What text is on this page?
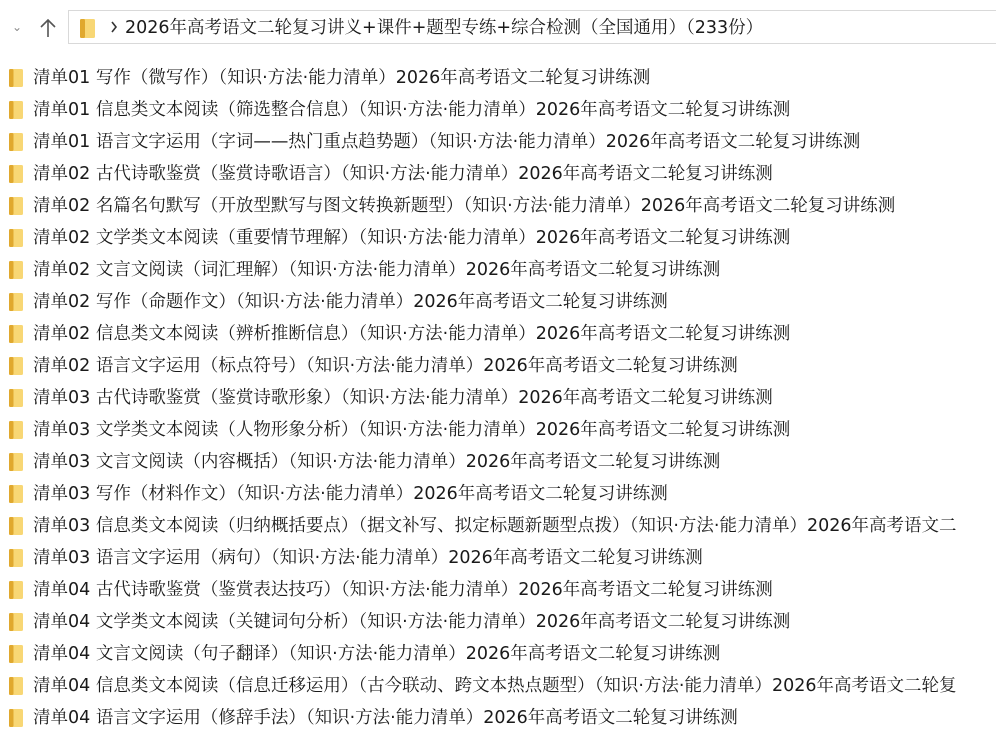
⌄	2026年高考语文二轮复习讲义+课件+题型专练+综合检测（全国通用）（233份）
清单01 写作（微写作）（知识·方法·能力清单）2026年高考语文二轮复习讲练测
清单01 信息类文本阅读（筛选整合信息）（知识·方法·能力清单）2026年高考语文二轮复习讲练测
清单01 语言文字运用（字词——热门重点趋势题）（知识·方法·能力清单）2026年高考语文二轮复习讲练测
清单02 古代诗歌鉴赏（鉴赏诗歌语言）（知识·方法·能力清单）2026年高考语文二轮复习讲练测
清单02 名篇名句默写（开放型默写与图文转换新题型）（知识·方法·能力清单）2026年高考语文二轮复习讲练测
清单02 文学类文本阅读（重要情节理解）（知识·方法·能力清单）2026年高考语文二轮复习讲练测
清单02 文言文阅读（词汇理解）（知识·方法·能力清单）2026年高考语文二轮复习讲练测
清单02 写作（命题作文）（知识·方法·能力清单）2026年高考语文二轮复习讲练测
清单02 信息类文本阅读（辨析推断信息）（知识·方法·能力清单）2026年高考语文二轮复习讲练测
清单02 语言文字运用（标点符号）（知识·方法·能力清单）2026年高考语文二轮复习讲练测
清单03 古代诗歌鉴赏（鉴赏诗歌形象）（知识·方法·能力清单）2026年高考语文二轮复习讲练测
清单03 文学类文本阅读（人物形象分析）（知识·方法·能力清单）2026年高考语文二轮复习讲练测
清单03 文言文阅读（内容概括）（知识·方法·能力清单）2026年高考语文二轮复习讲练测
清单03 写作（材料作文）（知识·方法·能力清单）2026年高考语文二轮复习讲练测
清单03 信息类文本阅读（归纳概括要点）（据文补写、拟定标题新题型点拨）（知识·方法·能力清单）2026年高考语文二
清单03 语言文字运用（病句）（知识·方法·能力清单）2026年高考语文二轮复习讲练测
清单04 古代诗歌鉴赏（鉴赏表达技巧）（知识·方法·能力清单）2026年高考语文二轮复习讲练测
清单04 文学类文本阅读（关键词句分析）（知识·方法·能力清单）2026年高考语文二轮复习讲练测
清单04 文言文阅读（句子翻译）（知识·方法·能力清单）2026年高考语文二轮复习讲练测
清单04 信息类文本阅读（信息迁移运用）（古今联动、跨文本热点题型）（知识·方法·能力清单）2026年高考语文二轮复
清单04 语言文字运用（修辞手法）（知识·方法·能力清单）2026年高考语文二轮复习讲练测
